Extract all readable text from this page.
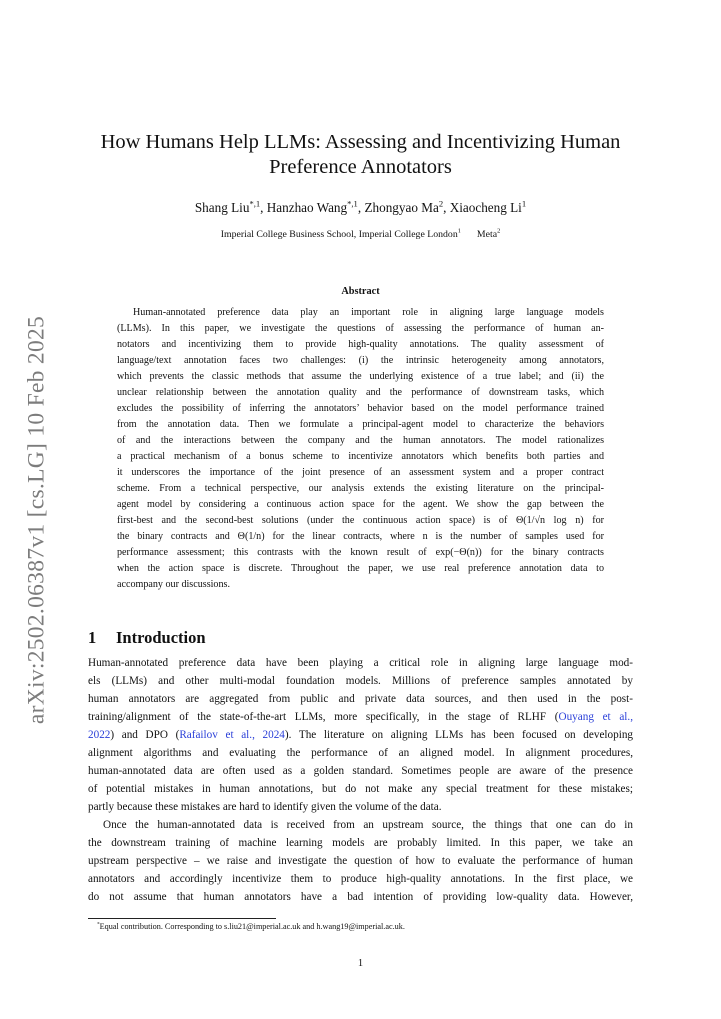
arXiv:2502.06387v1 [cs.LG] 10 Feb 2025
How Humans Help LLMs: Assessing and Incentivizing Human
Preference Annotators
Shang Liu$^{*,1}$, Hanzhao Wang$^{*,1}$, Zhongyao Ma$^2$, Xiaocheng Li$^1$
Imperial College Business School, Imperial College London$^1$ Meta$^2$
Abstract
Human-annotated preference data play an important role in aligning large language models
(LLMs). In this paper, we investigate the questions of assessing the performance of human an-
notators and incentivizing them to provide high-quality annotations. The quality assessment of
language/text annotation faces two challenges: (i) the intrinsic heterogeneity among annotators,
which prevents the classic methods that assume the underlying existence of a true label; and (ii) the
unclear relationship between the annotation quality and the performance of downstream tasks, which
excludes the possibility of inferring the annotators’ behavior based on the model performance trained
from the annotation data. Then we formulate a principal-agent model to characterize the behaviors
of and the interactions between the company and the human annotators. The model rationalizes
a practical mechanism of a bonus scheme to incentivize annotators which benefits both parties and
it underscores the importance of the joint presence of an assessment system and a proper contract
scheme. From a technical perspective, our analysis extends the existing literature on the principal-
agent model by considering a continuous action space for the agent. We show the gap between the
first-best and the second-best solutions (under the continuous action space) is of Θ(1/√n log n) for
the binary contracts and Θ(1/n) for the linear contracts, where n is the number of samples used for
performance assessment; this contrasts with the known result of exp(−Θ(n)) for the binary contracts
when the action space is discrete. Throughout the paper, we use real preference annotation data to
accompany our discussions.
1 Introduction
Human-annotated preference data have been playing a critical role in aligning large language mod-
els (LLMs) and other multi-modal foundation models. Millions of preference samples annotated by
human annotators are aggregated from public and private data sources, and then used in the post-
training/alignment of the state-of-the-art LLMs, more specifically, in the stage of RLHF (Ouyang et al.,
2022) and DPO (Rafailov et al., 2024). The literature on aligning LLMs has been focused on developing
alignment algorithms and evaluating the performance of an aligned model. In alignment procedures,
human-annotated data are often used as a golden standard. Sometimes people are aware of the presence
of potential mistakes in human annotations, but do not make any special treatment for these mistakes;
partly because these mistakes are hard to identify given the volume of the data.
Once the human-annotated data is received from an upstream source, the things that one can do in
the downstream training of machine learning models are probably limited. In this paper, we take an
upstream perspective – we raise and investigate the question of how to evaluate the performance of human
annotators and accordingly incentivize them to produce high-quality annotations. In the first place, we
do not assume that human annotators have a bad intention of providing low-quality data. However,
*Equal contribution. Corresponding to s.liu21@imperial.ac.uk and h.wang19@imperial.ac.uk.
1
